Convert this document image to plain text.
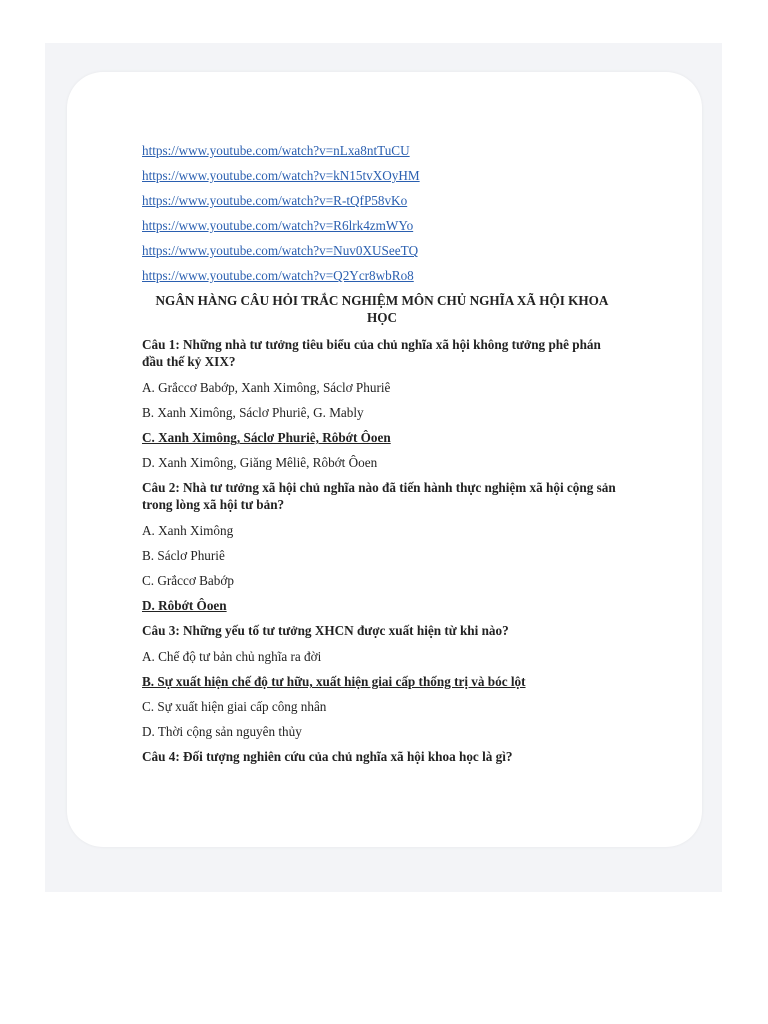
https://www.youtube.com/watch?v=nLxa8ntTuCU
https://www.youtube.com/watch?v=kN15tvXOyHM
https://www.youtube.com/watch?v=R-tQfP58vKo
https://www.youtube.com/watch?v=R6lrk4zmWYo
https://www.youtube.com/watch?v=Nuv0XUSeeTQ
https://www.youtube.com/watch?v=Q2Ycr8wbRo8
NGÂN HÀNG CÂU HỎI TRẮC NGHIỆM MÔN CHỦ NGHĨA XÃ HỘI KHOA HỌC
Câu 1: Những nhà tư tưởng tiêu biểu của chủ nghĩa xã hội không tưởng phê phán đầu thế kỷ XIX?
A. Grắccơ Babớp, Xanh Ximông, Sáclơ Phuriê
B. Xanh Ximông, Sáclơ Phuriê, G. Mably
C. Xanh Ximông, Sáclơ Phuriê, Rôbớt Ôoen
D. Xanh Ximông, Giăng Mêliê, Rôbớt Ôoen
Câu 2: Nhà tư tưởng xã hội chủ nghĩa nào đã tiến hành thực nghiệm xã hội cộng sản trong lòng xã hội tư bản?
A. Xanh Ximông
B. Sáclơ Phuriê
C. Grắccơ Babớp
D. Rôbớt Ôoen
Câu 3: Những yếu tố tư tưởng XHCN được xuất hiện từ khi nào?
A. Chế độ tư bản chủ nghĩa ra đời
B. Sự xuất hiện chế độ tư hữu, xuất hiện giai cấp thống trị và bóc lột
C. Sự xuất hiện giai cấp công nhân
D. Thời cộng sản nguyên thủy
Câu 4: Đối tượng nghiên cứu của chủ nghĩa xã hội khoa học là gì?
